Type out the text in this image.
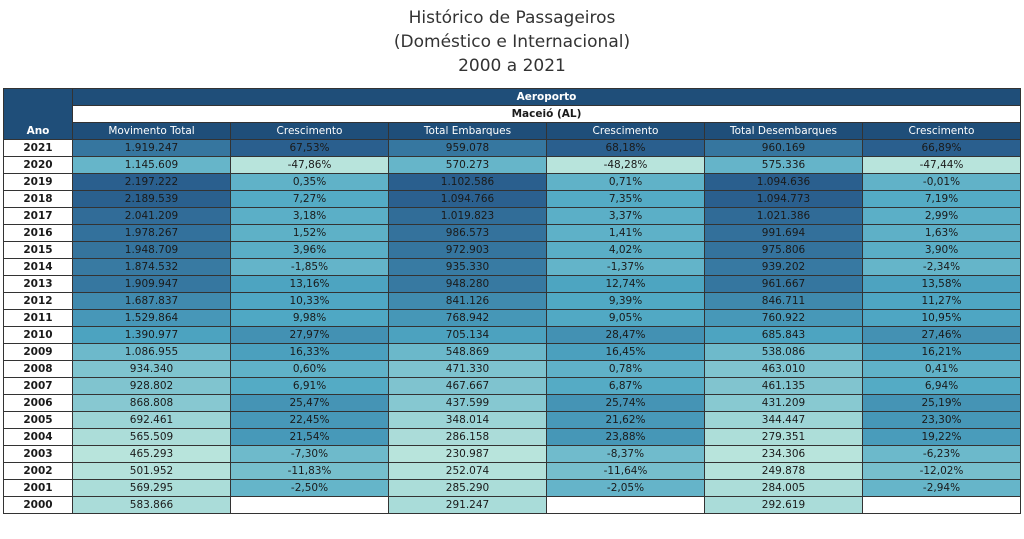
Histórico de Passageiros
(Doméstico e Internacional)
2000 a 2021
Ano	Aeroporto					
	Maceió (AL)					
	Movimento Total	Crescimento	Total Embarques	Crescimento	Total Desembarques	Crescimento
2021	1.919.247	67,53%	959.078	68,18%	960.169	66,89%
2020	1.145.609	-47,86%	570.273	-48,28%	575.336	-47,44%
2019	2.197.222	0,35%	1.102.586	0,71%	1.094.636	-0,01%
2018	2.189.539	7,27%	1.094.766	7,35%	1.094.773	7,19%
2017	2.041.209	3,18%	1.019.823	3,37%	1.021.386	2,99%
2016	1.978.267	1,52%	986.573	1,41%	991.694	1,63%
2015	1.948.709	3,96%	972.903	4,02%	975.806	3,90%
2014	1.874.532	-1,85%	935.330	-1,37%	939.202	-2,34%
2013	1.909.947	13,16%	948.280	12,74%	961.667	13,58%
2012	1.687.837	10,33%	841.126	9,39%	846.711	11,27%
2011	1.529.864	9,98%	768.942	9,05%	760.922	10,95%
2010	1.390.977	27,97%	705.134	28,47%	685.843	27,46%
2009	1.086.955	16,33%	548.869	16,45%	538.086	16,21%
2008	934.340	0,60%	471.330	0,78%	463.010	0,41%
2007	928.802	6,91%	467.667	6,87%	461.135	6,94%
2006	868.808	25,47%	437.599	25,74%	431.209	25,19%
2005	692.461	22,45%	348.014	21,62%	344.447	23,30%
2004	565.509	21,54%	286.158	23,88%	279.351	19,22%
2003	465.293	-7,30%	230.987	-8,37%	234.306	-6,23%
2002	501.952	-11,83%	252.074	-11,64%	249.878	-12,02%
2001	569.295	-2,50%	285.290	-2,05%	284.005	-2,94%
2000	583.866		291.247		292.619	
